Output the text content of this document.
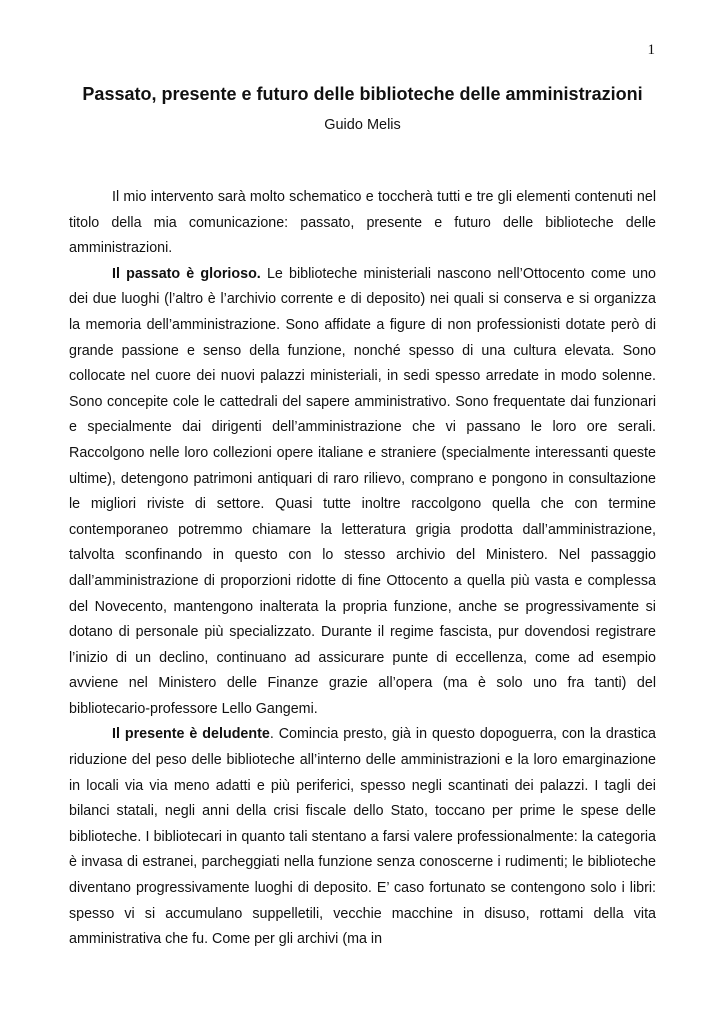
1
Passato, presente e futuro delle biblioteche delle amministrazioni

Guido Melis

Il mio intervento sarà molto schematico e toccherà tutti e tre gli elementi contenuti nel titolo della mia comunicazione: passato, presente e futuro delle biblioteche delle amministrazioni.

Il passato è glorioso. Le biblioteche ministeriali nascono nell’Ottocento come uno dei due luoghi (l’altro è l’archivio corrente e di deposito) nei quali si conserva e si organizza la memoria dell’amministrazione. Sono affidate a figure di non professionisti dotate però di grande passione e senso della funzione, nonché spesso di una cultura elevata. Sono collocate nel cuore dei nuovi palazzi ministeriali, in sedi spesso arredate in modo solenne. Sono concepite cole le cattedrali del sapere amministrativo. Sono frequentate dai funzionari e specialmente dai dirigenti dell’amministrazione che vi passano le loro ore serali. Raccolgono nelle loro collezioni opere italiane e straniere (specialmente interessanti queste ultime), detengono patrimoni antiquari di raro rilievo, comprano e pongono in consultazione le migliori riviste di settore. Quasi tutte inoltre raccolgono quella che con termine contemporaneo potremmo chiamare la letteratura grigia prodotta dall’amministrazione, talvolta sconfinando in questo con lo stesso archivio del Ministero. Nel passaggio dall’amministrazione di proporzioni ridotte di fine Ottocento a quella più vasta e complessa del Novecento, mantengono inalterata la propria funzione, anche se progressivamente si dotano di personale più specializzato. Durante il regime fascista, pur dovendosi registrare l’inizio di un declino, continuano ad assicurare punte di eccellenza, come ad esempio avviene nel Ministero delle Finanze grazie all’opera (ma è solo uno fra tanti) del bibliotecario-professore Lello Gangemi.

Il presente è deludente. Comincia presto, già in questo dopoguerra, con la drastica riduzione del peso delle biblioteche all’interno delle amministrazioni e la loro emarginazione in locali via via meno adatti e più periferici, spesso negli scantinati dei palazzi. I tagli dei bilanci statali, negli anni della crisi fiscale dello Stato, toccano per prime le spese delle biblioteche. I bibliotecari in quanto tali stentano a farsi valere professionalmente: la categoria è invasa di estranei, parcheggiati nella funzione senza conoscerne i rudimenti; le biblioteche diventano progressivamente luoghi di deposito. E’ caso fortunato se contengono solo i libri: spesso vi si accumulano suppelletili, vecchie macchine in disuso, rottami della vita amministrativa che fu. Come per gli archivi (ma in
